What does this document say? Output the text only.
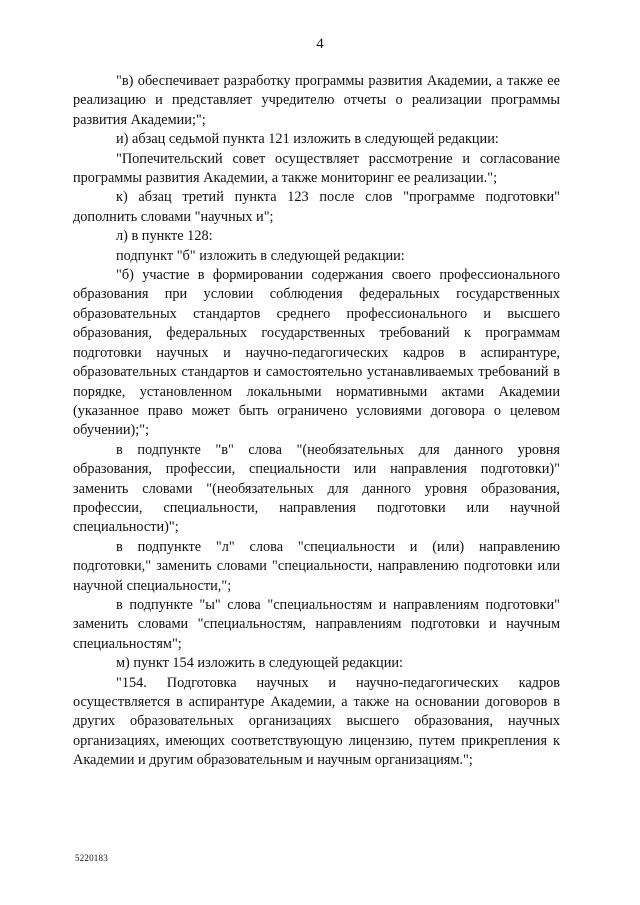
4

"в) обеспечивает разработку программы развития Академии, а также ее реализацию и представляет учредителю отчеты о реализации программы развития Академии;";

и) абзац седьмой пункта 121 изложить в следующей редакции:

"Попечительский совет осуществляет рассмотрение и согласование программы развития Академии, а также мониторинг ее реализации.";

к) абзац третий пункта 123 после слов "программе подготовки" дополнить словами "научных и";

л) в пункте 128:

подпункт "б" изложить в следующей редакции:

"б) участие в формировании содержания своего профессионального образования при условии соблюдения федеральных государственных образовательных стандартов среднего профессионального и высшего образования, федеральных государственных требований к программам подготовки научных и научно-педагогических кадров в аспирантуре, образовательных стандартов и самостоятельно устанавливаемых требований в порядке, установленном локальными нормативными актами Академии (указанное право может быть ограничено условиями договора о целевом обучении);";

в подпункте "в" слова "(необязательных для данного уровня образования, профессии, специальности или направления подготовки)" заменить словами "(необязательных для данного уровня образования, профессии, специальности, направления подготовки или научной специальности)";

в подпункте "л" слова "специальности и (или) направлению подготовки," заменить словами "специальности, направлению подготовки или научной специальности,";

в подпункте "ы" слова "специальностям и направлениям подготовки" заменить словами "специальностям, направлениям подготовки и научным специальностям";

м) пункт 154 изложить в следующей редакции:

"154. Подготовка научных и научно-педагогических кадров осуществляется в аспирантуре Академии, а также на основании договоров в других образовательных организациях высшего образования, научных организациях, имеющих соответствующую лицензию, путем прикрепления к Академии и другим образовательным и научным организациям.";

5220183
